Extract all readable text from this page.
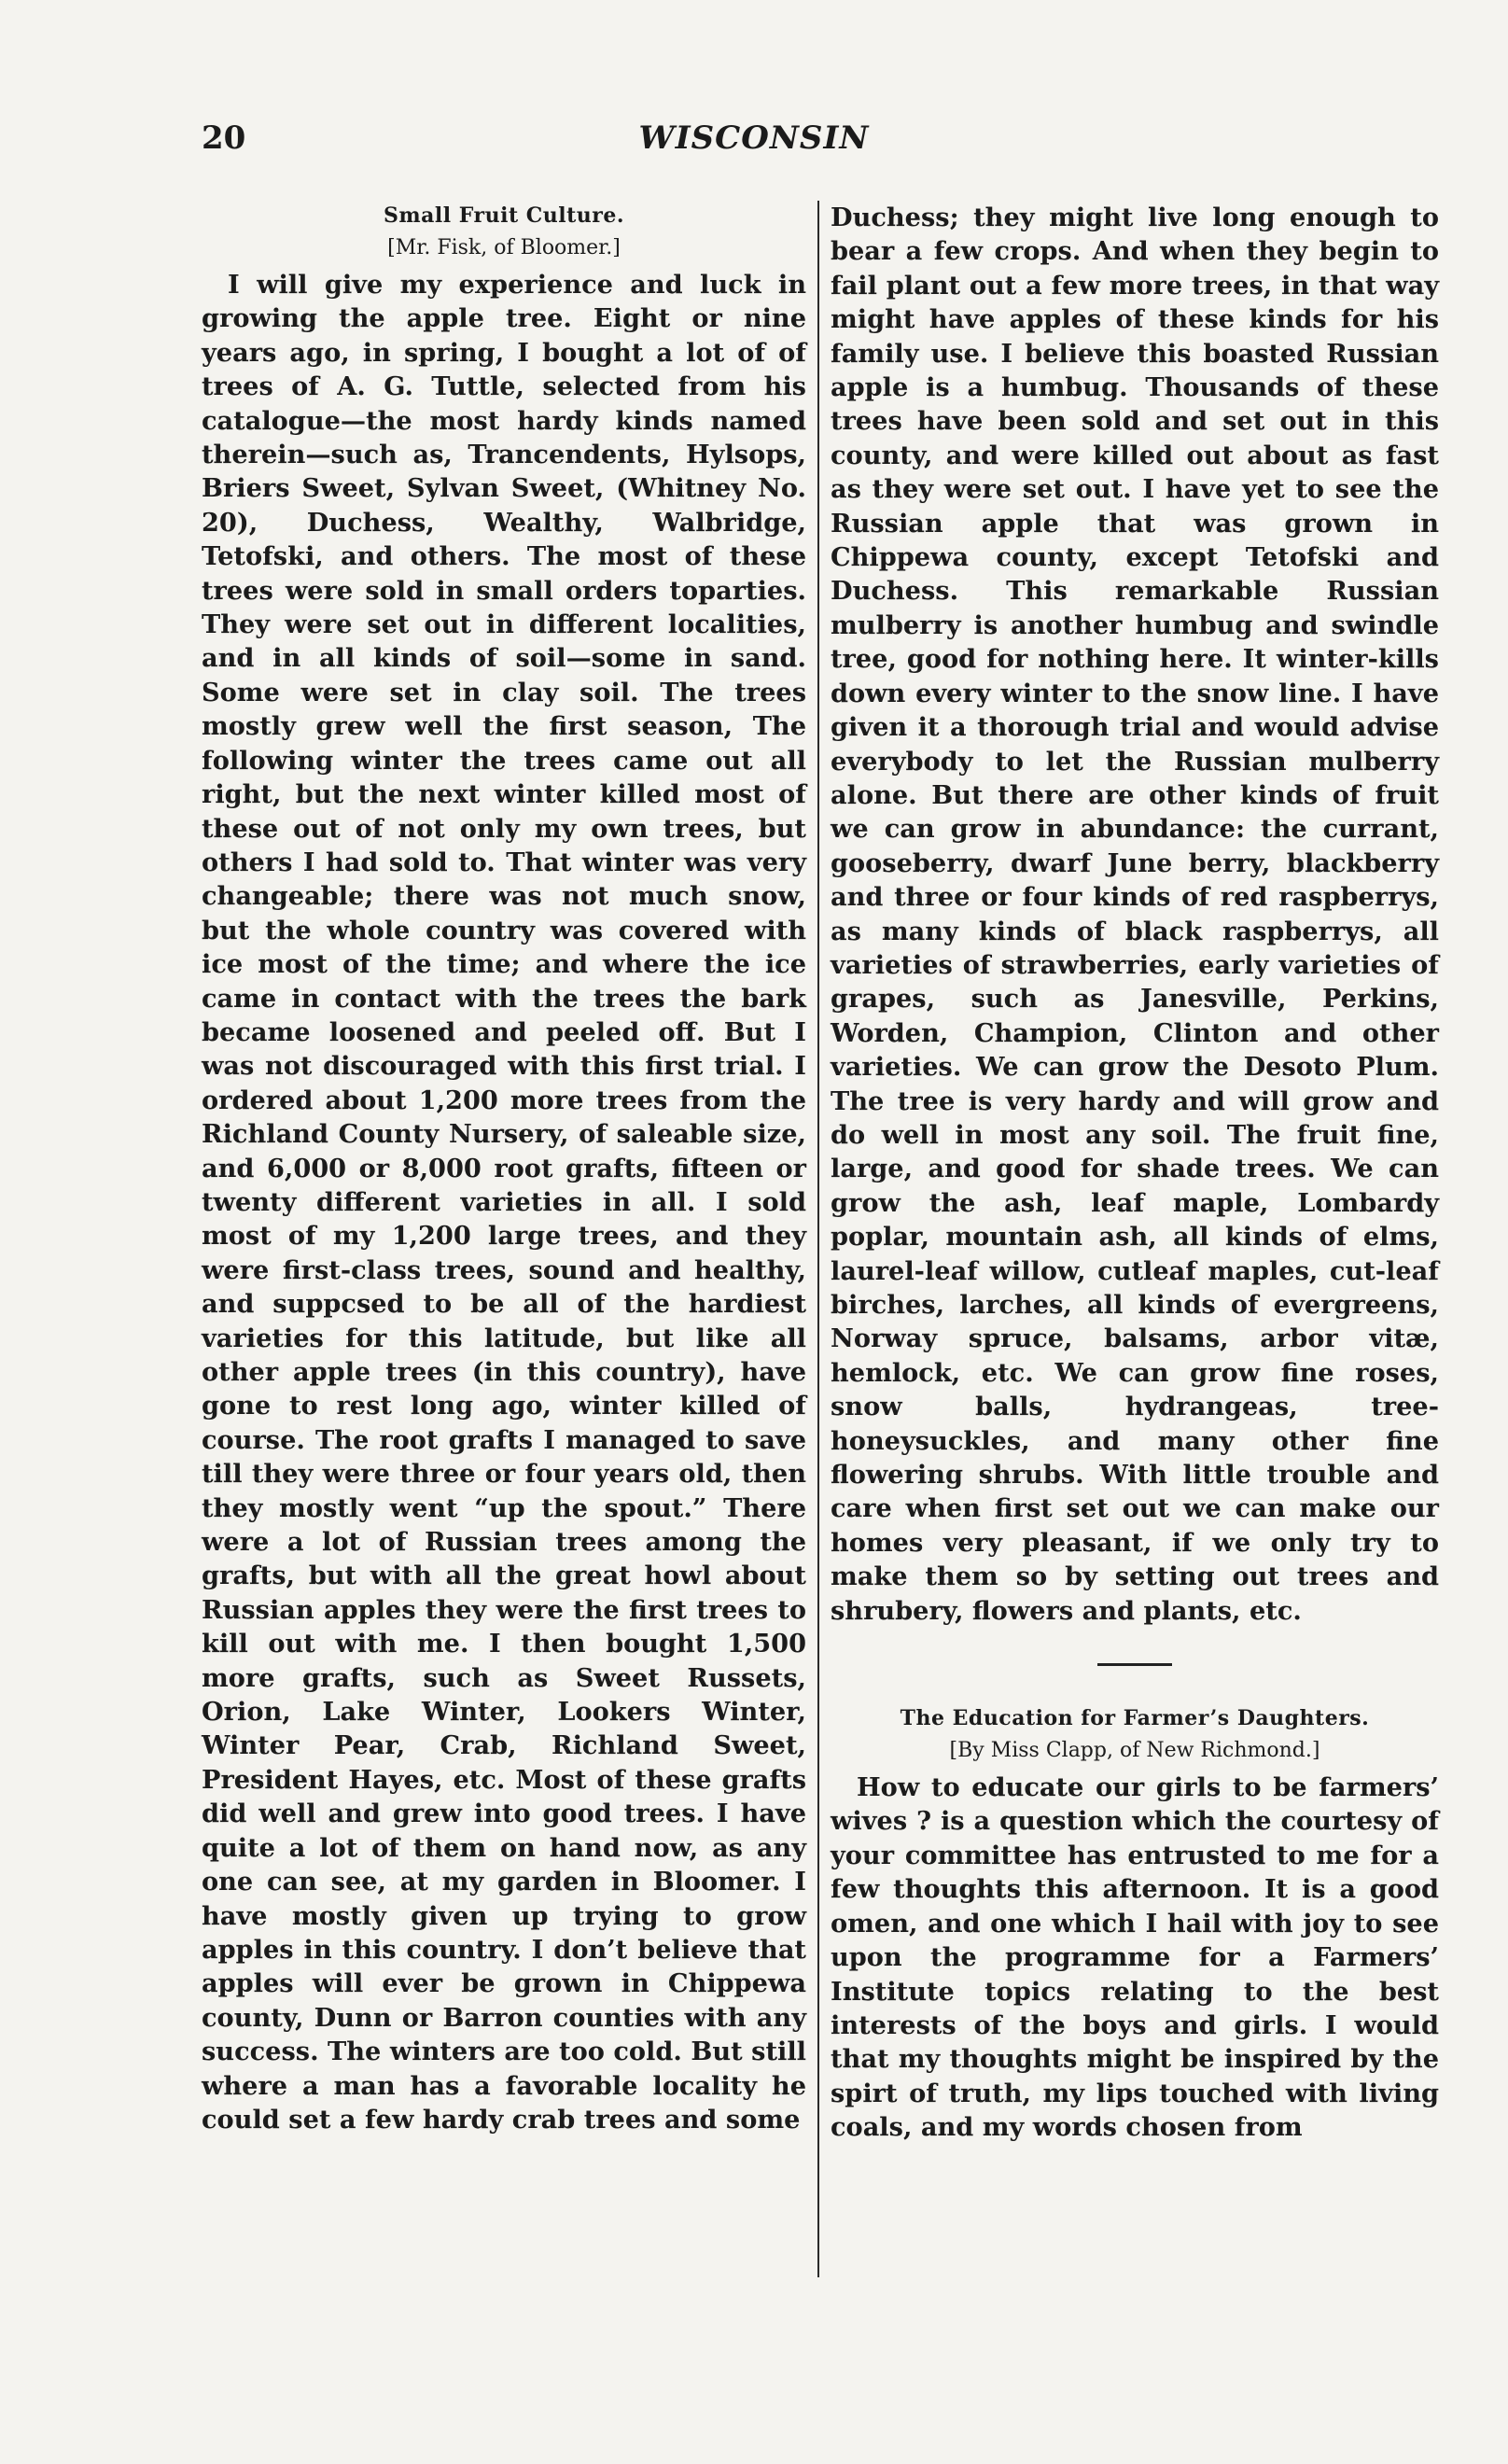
20	WISCONSIN
Small Fruit Culture.
[Mr. Fisk, of Bloomer.]

I will give my experience and luck in growing the apple tree. Eight or nine years ago, in spring, I bought a lot of of trees of A. G. Tuttle, selected from his catalogue—the most hardy kinds named therein—such as, Trancendents, Hylsops, Briers Sweet, Sylvan Sweet, (Whitney No. 20), Duchess, Wealthy, Walbridge, Tetofski, and others. The most of these trees were sold in small orders toparties. They were set out in different localities, and in all kinds of soil—some in sand. Some were set in clay soil. The trees mostly grew well the first season, The following winter the trees came out all right, but the next winter killed most of these out of not only my own trees, but others I had sold to. That winter was very changeable; there was not much snow, but the whole country was covered with ice most of the time; and where the ice came in contact with the trees the bark became loosened and peeled off. But I was not discouraged with this first trial. I ordered about 1,200 more trees from the Richland County Nursery, of saleable size, and 6,000 or 8,000 root grafts, fifteen or twenty different varieties in all. I sold most of my 1,200 large trees, and they were first-class trees, sound and healthy, and suppcsed to be all of the hardiest varieties for this latitude, but like all other apple trees (in this country), have gone to rest long ago, winter killed of course. The root grafts I managed to save till they were three or four years old, then they mostly went “up the spout.” There were a lot of Russian trees among the grafts, but with all the great howl about Russian apples they were the first trees to kill out with me. I then bought 1,500 more grafts, such as Sweet Russets, Orion, Lake Winter, Lookers Winter, Winter Pear, Crab, Richland Sweet, President Hayes, etc. Most of these grafts did well and grew into good trees. I have quite a lot of them on hand now, as any one can see, at my garden in Bloomer. I have mostly given up trying to grow apples in this country. I don’t believe that apples will ever be grown in Chippewa county, Dunn or Barron counties with any success. The winters are too cold. But still where a man has a favorable locality he could set a few hardy crab trees and some

Duchess; they might live long enough to bear a few crops. And when they begin to fail plant out a few more trees, in that way might have apples of these kinds for his family use. I believe this boasted Russian apple is a humbug. Thousands of these trees have been sold and set out in this county, and were killed out about as fast as they were set out. I have yet to see the Russian apple that was grown in Chippewa county, except Tetofski and Duchess. This remarkable Russian mulberry is another humbug and swindle tree, good for nothing here. It winter-kills down every winter to the snow line. I have given it a thorough trial and would advise everybody to let the Russian mulberry alone. But there are other kinds of fruit we can grow in abundance: the currant, gooseberry, dwarf June berry, blackberry and three or four kinds of red raspberrys, as many kinds of black raspberrys, all varieties of strawberries, early varieties of grapes, such as Janesville, Perkins, Worden, Champion, Clinton and other varieties. We can grow the Desoto Plum. The tree is very hardy and will grow and do well in most any soil. The fruit fine, large, and good for shade trees. We can grow the ash, leaf maple, Lombardy poplar, mountain ash, all kinds of elms, laurel-leaf willow, cutleaf maples, cut-leaf birches, larches, all kinds of evergreens, Norway spruce, balsams, arbor vitæ, hemlock, etc. We can grow fine roses, snow balls, hydrangeas, tree-honeysuckles, and many other fine flowering shrubs. With little trouble and care when first set out we can make our homes very pleasant, if we only try to make them so by setting out trees and shrubery, flowers and plants, etc.

The Education for Farmer’s Daughters.
[By Miss Clapp, of New Richmond.]

How to educate our girls to be farmers’ wives ? is a question which the courtesy of your committee has entrusted to me for a few thoughts this afternoon. It is a good omen, and one which I hail with joy to see upon the programme for a Farmers’ Institute topics relating to the best interests of the boys and girls. I would that my thoughts might be inspired by the spirt of truth, my lips touched with living coals, and my words chosen from
